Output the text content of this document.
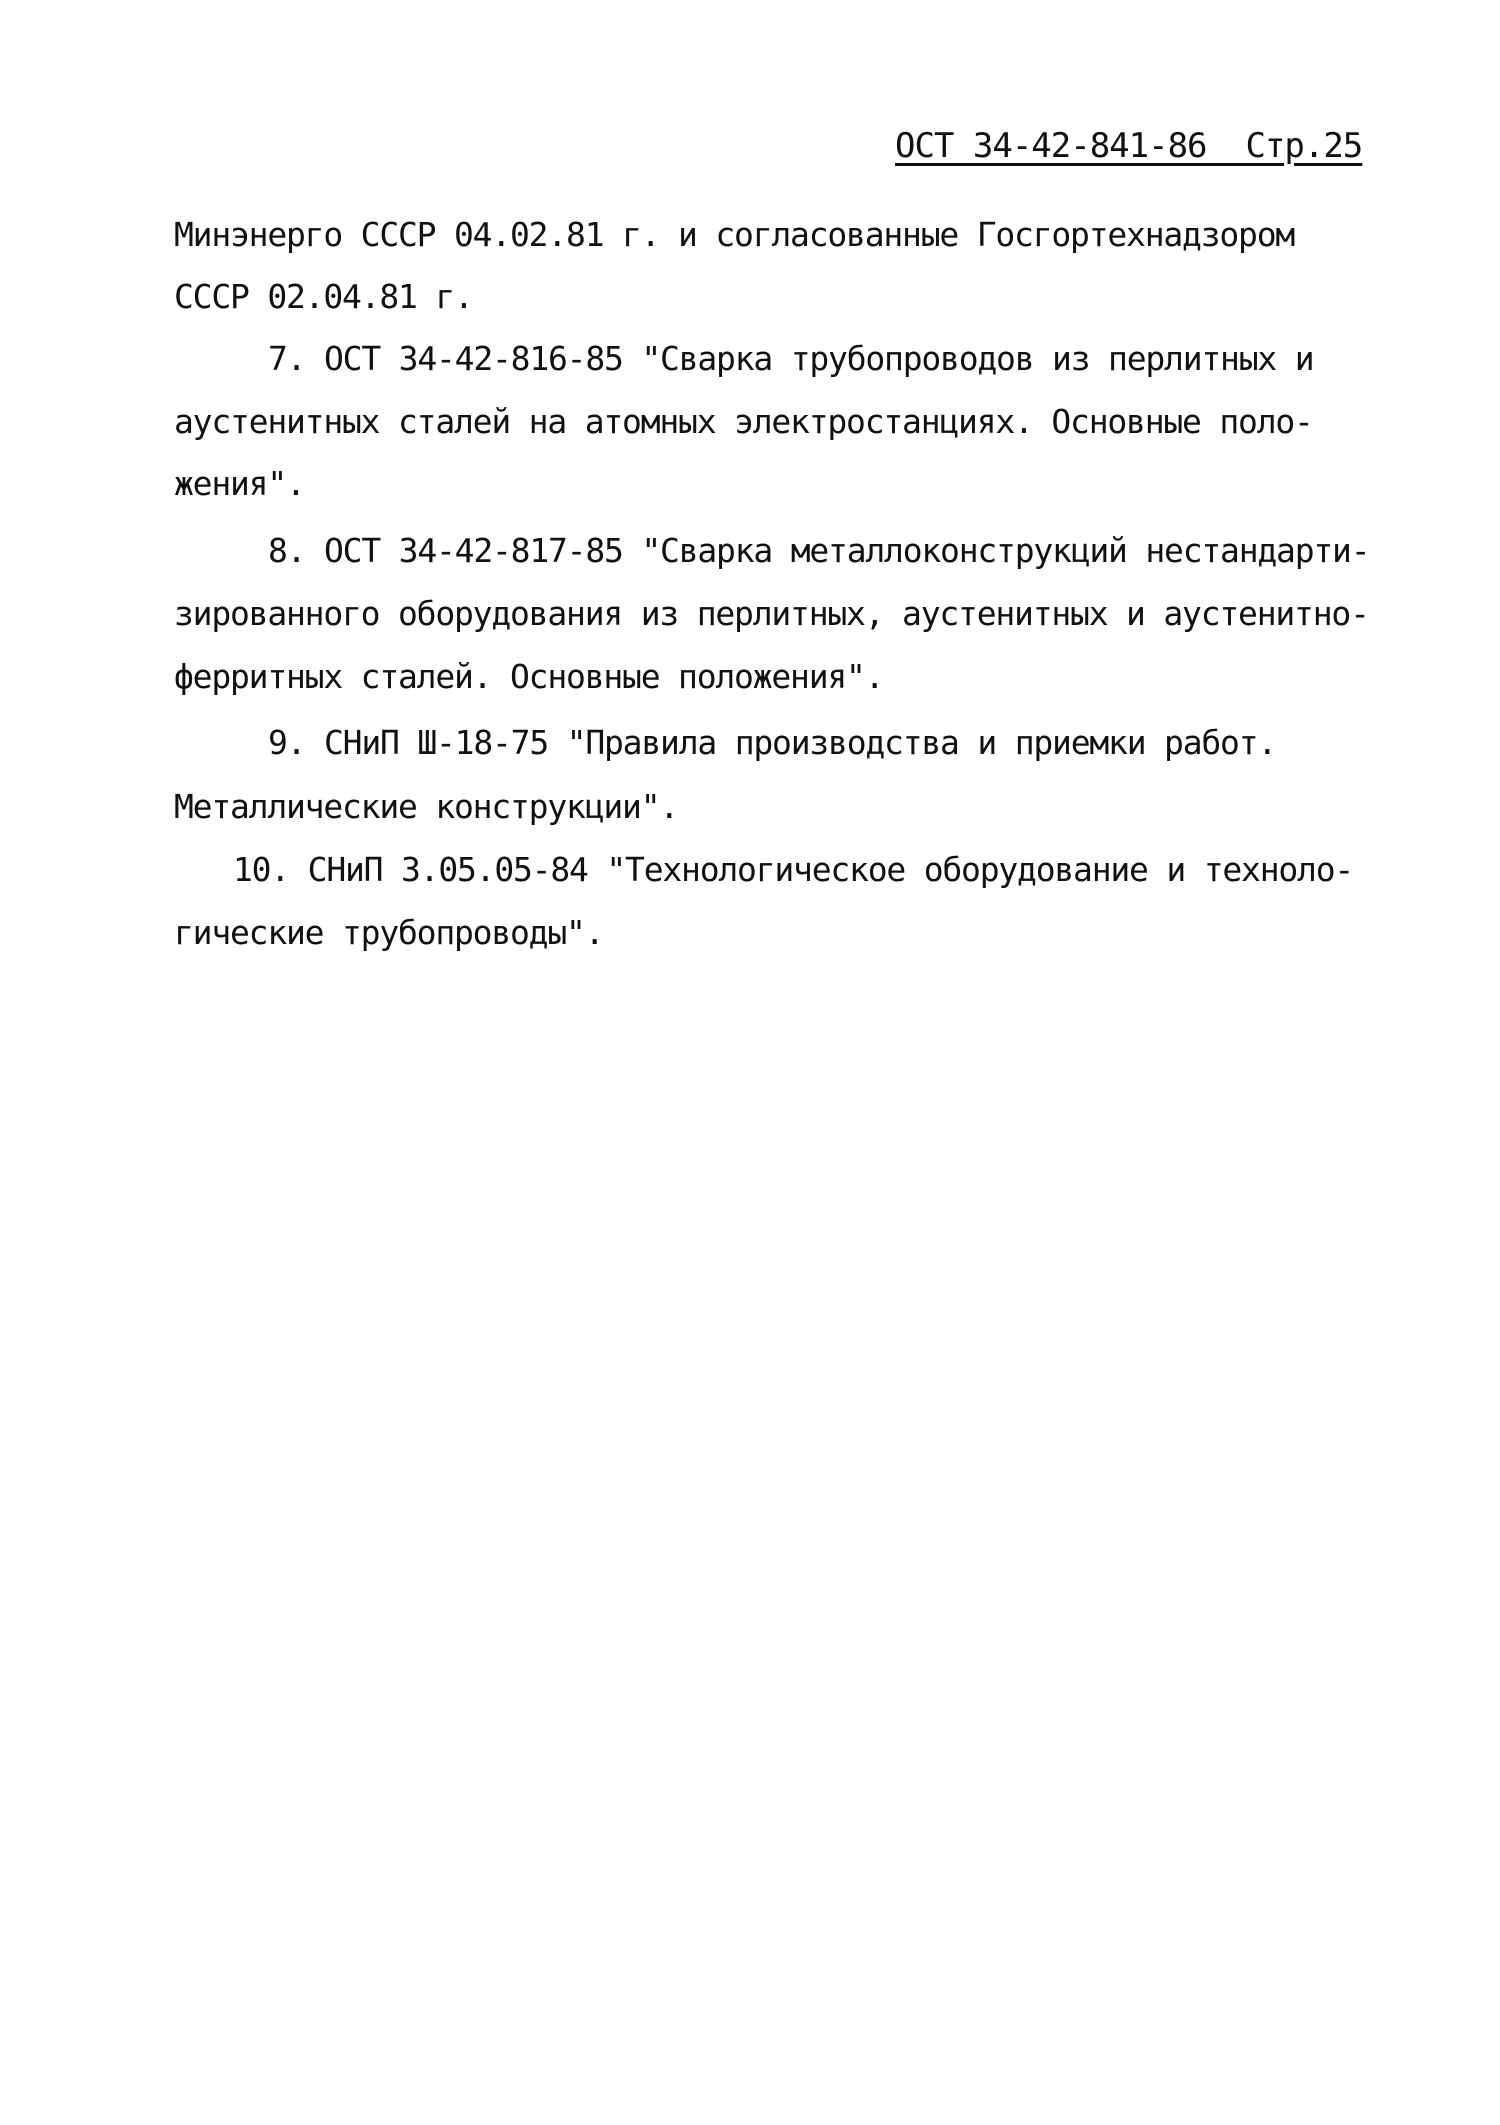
ОСТ 34-42-841-86  Стр.25
Минэнерго СССР 04.02.81 г. и согласованные Госгортехнадзором
СССР 02.04.81 г.
7. ОСТ 34-42-816-85 "Сварка трубопроводов из перлитных и
аустенитных сталей на атомных электростанциях. Основные поло-
жения".
8. ОСТ 34-42-817-85 "Сварка металлоконструкций нестандарти-
зированного оборудования из перлитных, аустенитных и аустенитно-
ферритных сталей. Основные положения".
9. СНиП Ш-18-75 "Правила производства и приемки работ.
Металлические конструкции".
10. СНиП 3.05.05-84 "Технологическое оборудование и техноло-
гические трубопроводы".
